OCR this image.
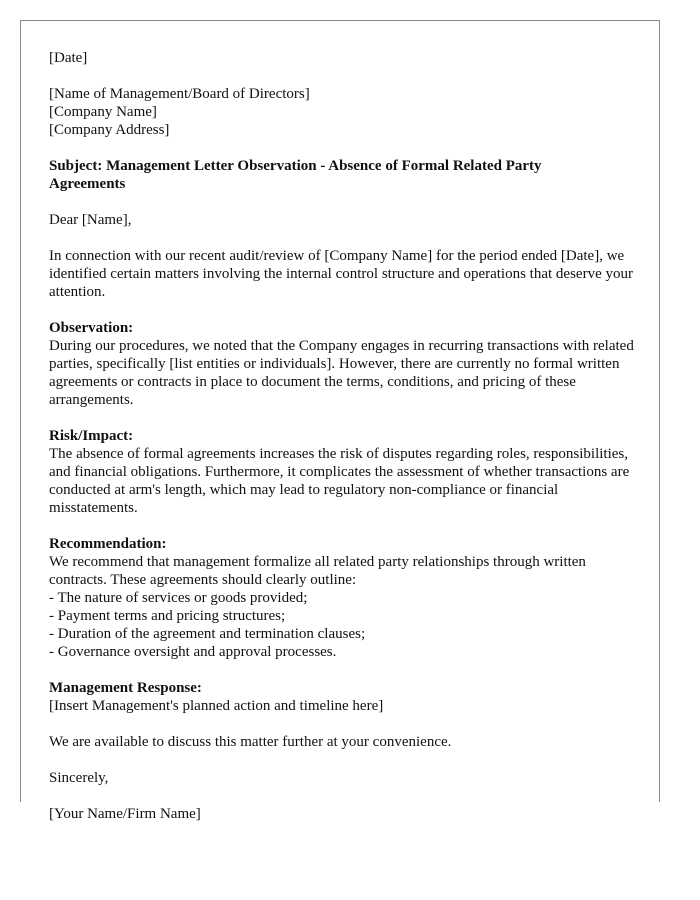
[Date]
[Name of Management/Board of Directors]
[Company Name]
[Company Address]
Subject: Management Letter Observation - Absence of Formal Related Party Agreements
Dear [Name],
In connection with our recent audit/review of [Company Name] for the period ended [Date], we identified certain matters involving the internal control structure and operations that deserve your attention.
Observation:
During our procedures, we noted that the Company engages in recurring transactions with related parties, specifically [list entities or individuals]. However, there are currently no formal written agreements or contracts in place to document the terms, conditions, and pricing of these arrangements.
Risk/Impact:
The absence of formal agreements increases the risk of disputes regarding roles, responsibilities, and financial obligations. Furthermore, it complicates the assessment of whether transactions are conducted at arm's length, which may lead to regulatory non-compliance or financial misstatements.
Recommendation:
We recommend that management formalize all related party relationships through written contracts. These agreements should clearly outline:
- The nature of services or goods provided;
- Payment terms and pricing structures;
- Duration of the agreement and termination clauses;
- Governance oversight and approval processes.
Management Response:
[Insert Management's planned action and timeline here]
We are available to discuss this matter further at your convenience.
Sincerely,
[Your Name/Firm Name]
